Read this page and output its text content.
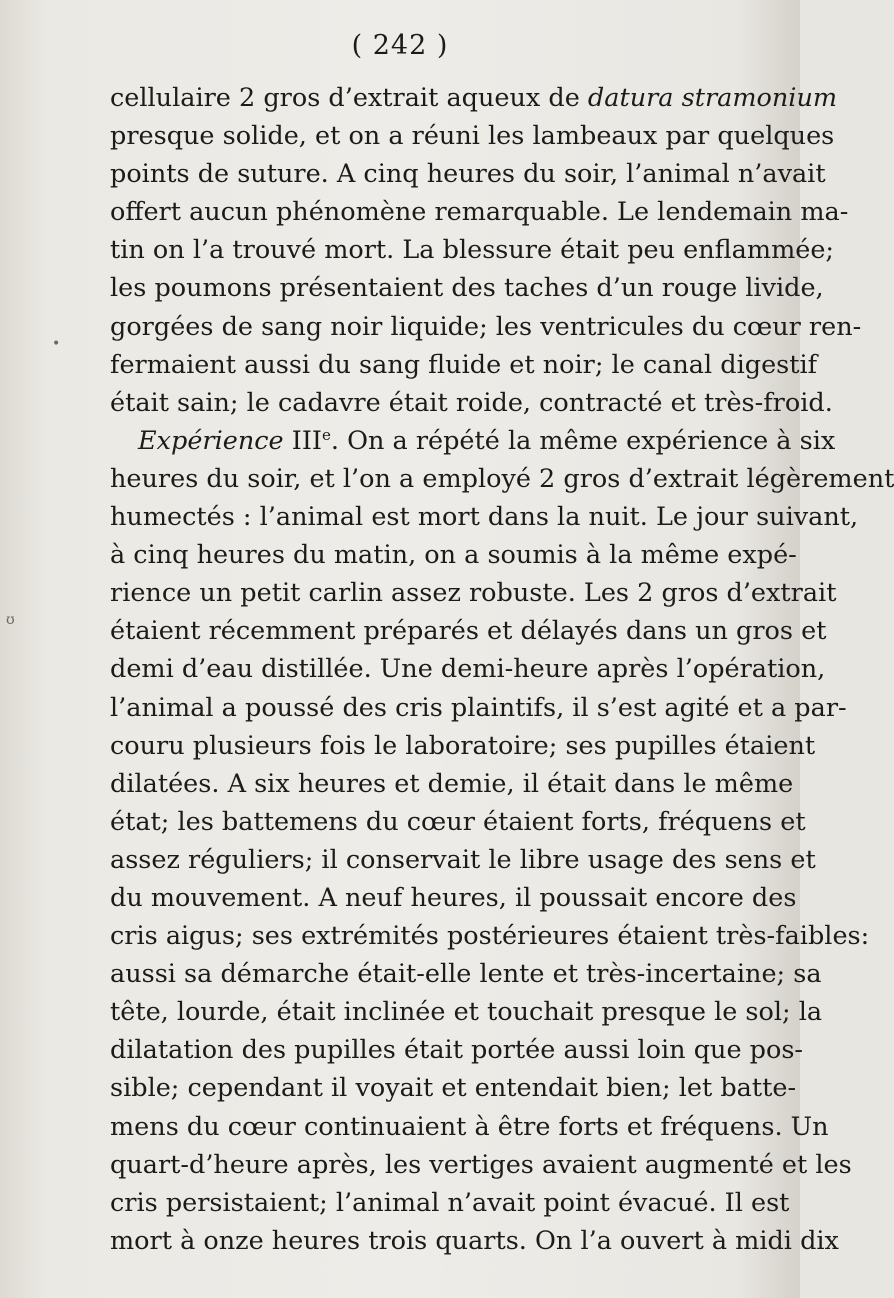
( 242 )
cellulaire 2 gros d’extrait aqueux de datura stramonium
presque solide, et on a réuni les lambeaux par quelques
points de suture. A cinq heures du soir, l’animal n’avait
offert aucun phénomène remarquable. Le lendemain ma-
tin on l’a trouvé mort. La blessure était peu enflammée;
les poumons présentaient des taches d’un rouge livide,
gorgées de sang noir liquide; les ventricules du cœur ren-
fermaient aussi du sang fluide et noir; le canal digestif
était sain; le cadavre était roide, contracté et très-froid.
Expérience IIIe. On a répété la même expérience à six
heures du soir, et l’on a employé 2 gros d’extrait légèrement
humectés : l’animal est mort dans la nuit. Le jour suivant,
à cinq heures du matin, on a soumis à la même expé-
rience un petit carlin assez robuste. Les 2 gros d’extrait
étaient récemment préparés et délayés dans un gros et
demi d’eau distillée. Une demi-heure après l’opération,
l’animal a poussé des cris plaintifs, il s’est agité et a par-
couru plusieurs fois le laboratoire; ses pupilles étaient
dilatées. A six heures et demie, il était dans le même
état; les battemens du cœur étaient forts, fréquens et
assez réguliers; il conservait le libre usage des sens et
du mouvement. A neuf heures, il poussait encore des
cris aigus; ses extrémités postérieures étaient très-faibles:
aussi sa démarche était-elle lente et très-incertaine; sa
tête, lourde, était inclinée et touchait presque le sol; la
dilatation des pupilles était portée aussi loin que pos-
sible; cependant il voyait et entendait bien; let batte-
mens du cœur continuaient à être forts et fréquens. Un
quart-d’heure après, les vertiges avaient augmenté et les
cris persistaient; l’animal n’avait point évacué. Il est
mort à onze heures trois quarts. On l’a ouvert à midi dix
•
ʊ
